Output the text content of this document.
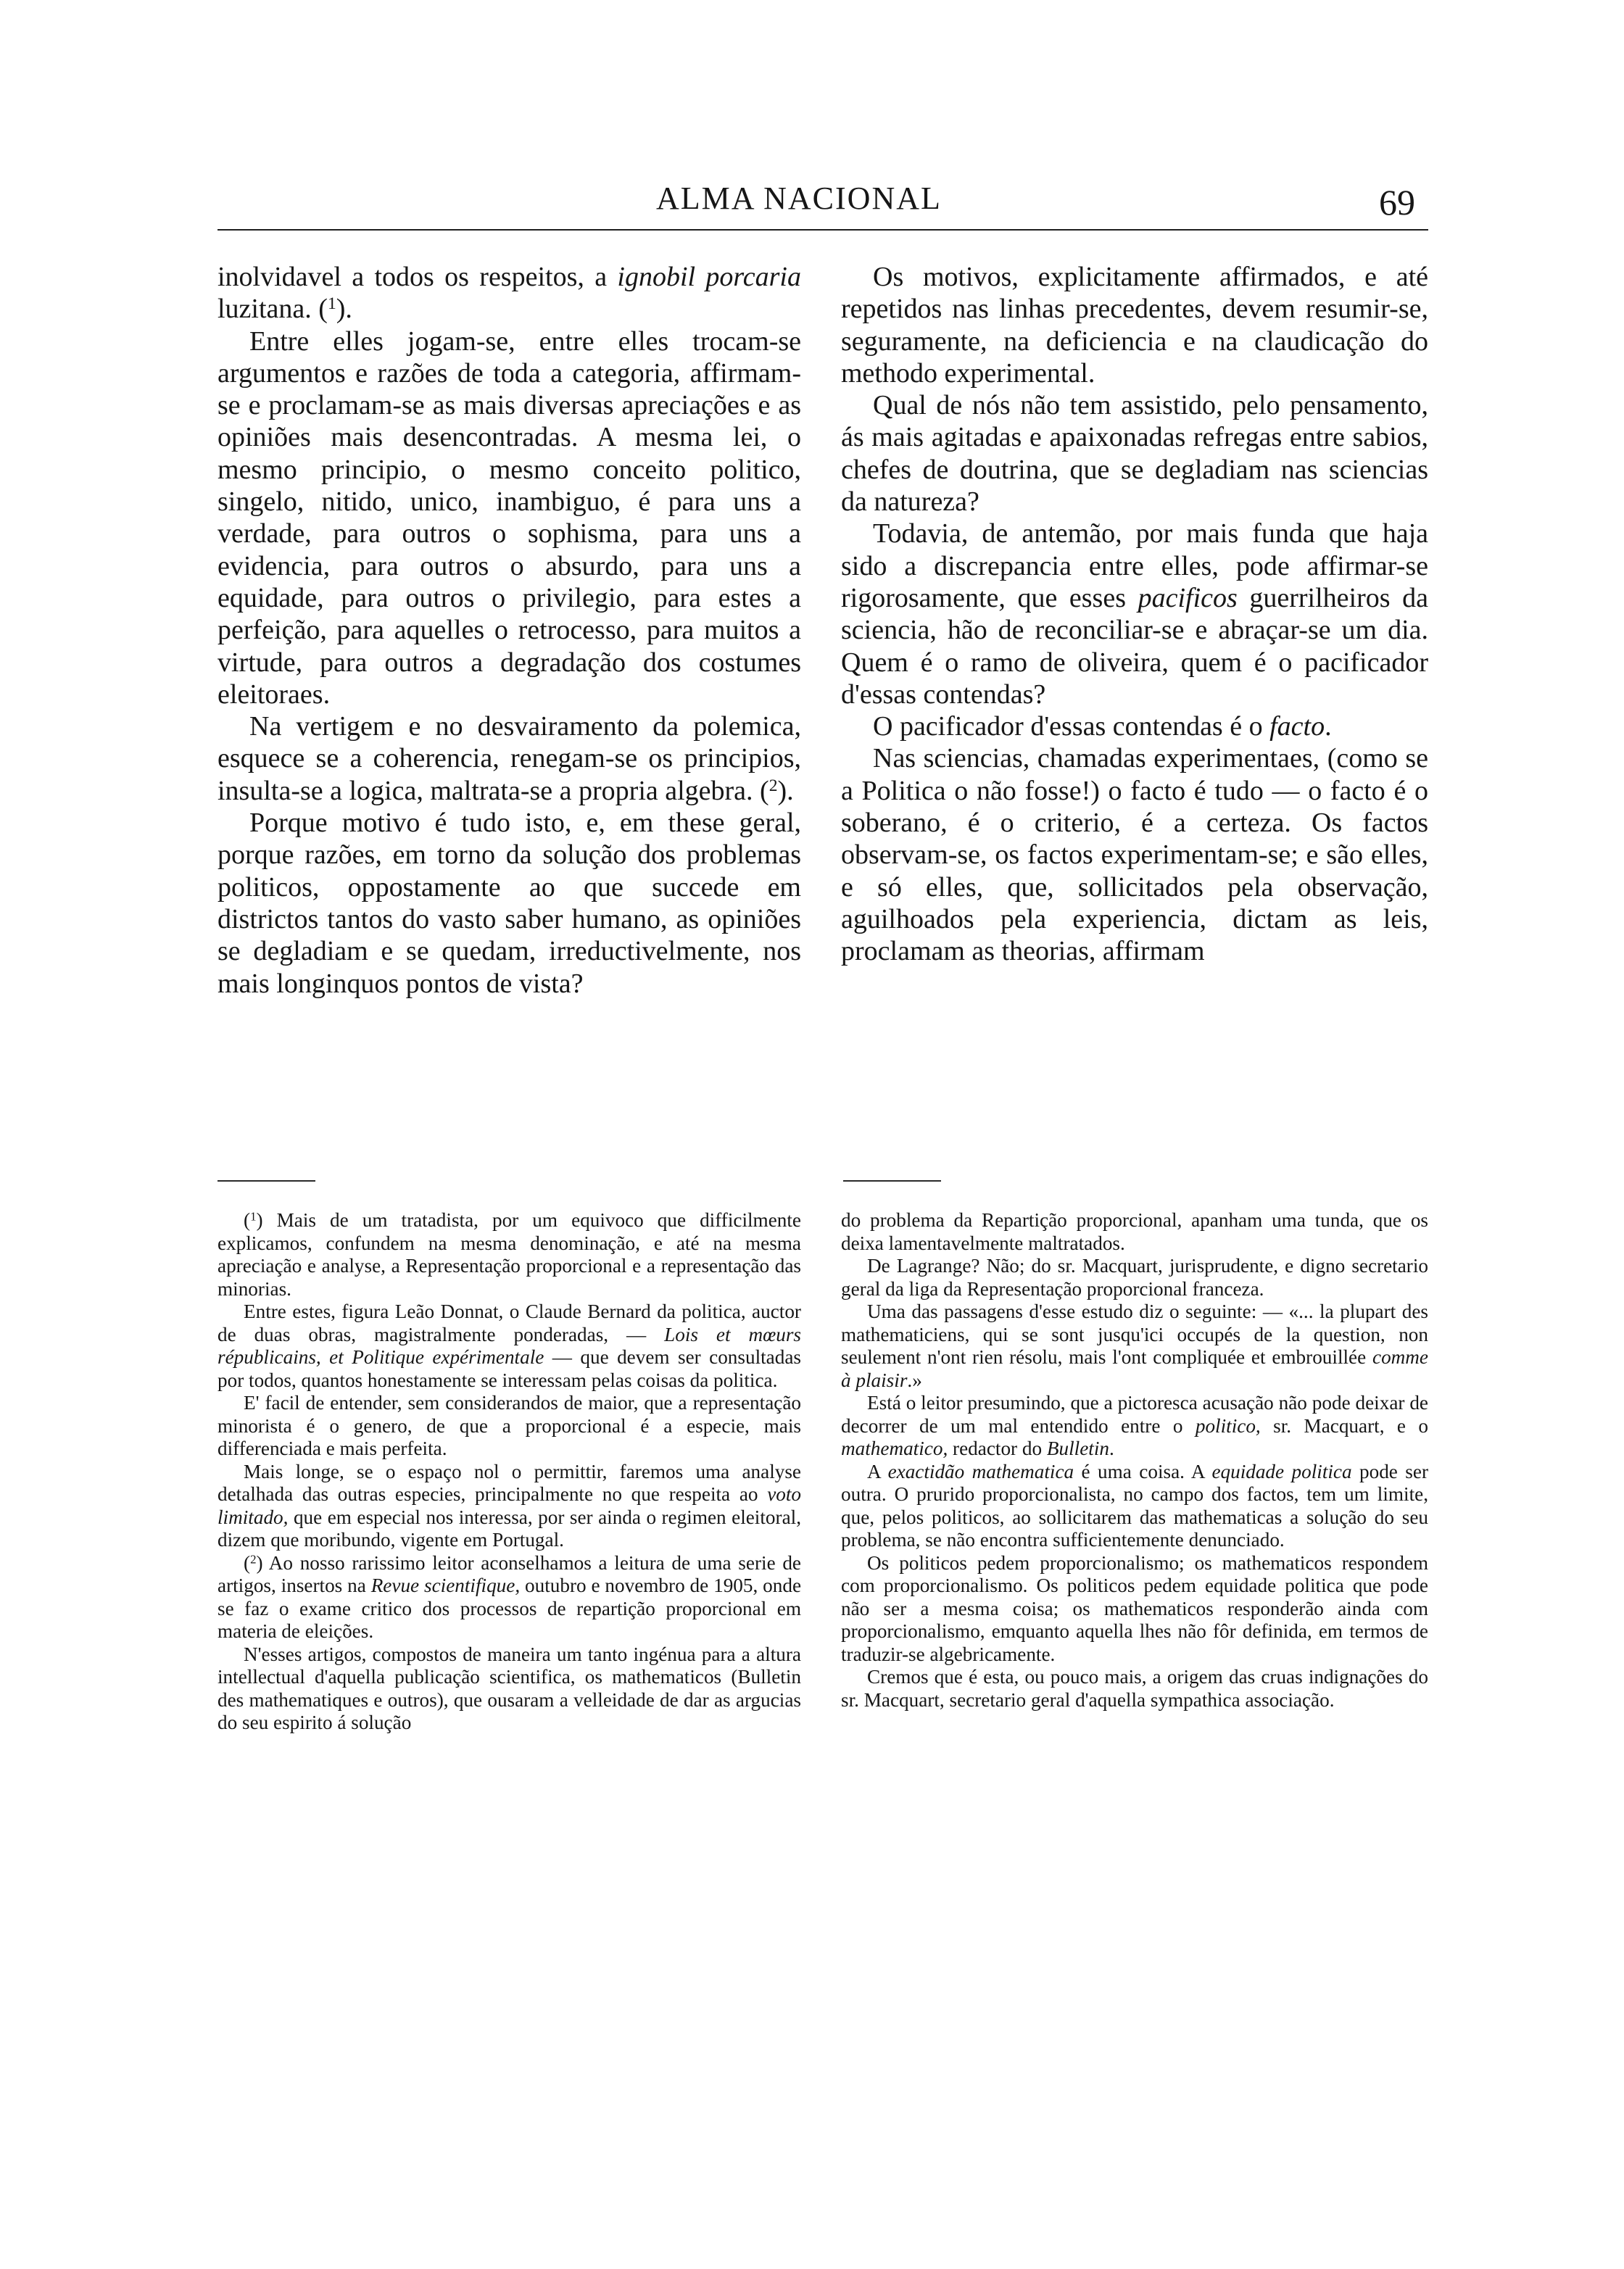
ALMA NACIONAL	69

inolvidavel a todos os respeitos, a ignobil porcaria luzitana. ($^1$).

Entre elles jogam-se, entre elles trocam-se argumentos e razões de toda a categoria, affirmam-se e proclamam-se as mais diversas apreciações e as opiniões mais desencontradas. A mesma lei, o mesmo principio, o mesmo conceito politico, singelo, nitido, unico, inambiguo, é para uns a verdade, para outros o sophisma, para uns a evidencia, para outros o absurdo, para uns a equidade, para outros o privilegio, para estes a perfeição, para aquelles o retrocesso, para muitos a virtude, para outros a degradação dos costumes eleitoraes.

Na vertigem e no desvairamento da polemica, esquece se a coherencia, renegam-se os principios, insulta-se a logica, maltrata-se a propria algebra. ($^2$).

Porque motivo é tudo isto, e, em these geral, porque razões, em torno da solução dos problemas politicos, oppostamente ao que succede em districtos tantos do vasto saber humano, as opiniões se degladiam e se quedam, irreductivelmente, nos mais longinquos pontos de vista?

Os motivos, explicitamente affirmados, e até repetidos nas linhas precedentes, devem resumir-se, seguramente, na deficiencia e na claudicação do methodo experimental.

Qual de nós não tem assistido, pelo pensamento, ás mais agitadas e apaixonadas refregas entre sabios, chefes de doutrina, que se degladiam nas sciencias da natureza?

Todavia, de antemão, por mais funda que haja sido a discrepancia entre elles, pode affirmar-se rigorosamente, que esses pacificos guerrilheiros da sciencia, hão de reconciliar-se e abraçar-se um dia. Quem é o ramo de oliveira, quem é o pacificador d'essas contendas?

O pacificador d'essas contendas é o facto.

Nas sciencias, chamadas experimentaes, (como se a Politica o não fosse!) o facto é tudo — o facto é o soberano, é o criterio, é a certeza. Os factos observam-se, os factos experimentam-se; e são elles, e só elles, que, sollicitados pela observação, aguilhoados pela experiencia, dictam as leis, proclamam as theorias, affirmam

($^1$) Mais de um tratadista, por um equivoco que difficilmente explicamos, confundem na mesma denominação, e até na mesma apreciação e analyse, a Representação proporcional e a representação das minorias.

Entre estes, figura Leão Donnat, o Claude Bernard da politica, auctor de duas obras, magistralmente ponderadas, — Lois et mœurs républicains, et Politique expérimentale — que devem ser consultadas por todos, quantos honestamente se interessam pelas coisas da politica.

E' facil de entender, sem considerandos de maior, que a representação minorista é o genero, de que a proporcional é a especie, mais differenciada e mais perfeita.

Mais longe, se o espaço nol o permittir, faremos uma analyse detalhada das outras especies, principalmente no que respeita ao voto limitado, que em especial nos interessa, por ser ainda o regimen eleitoral, dizem que moribundo, vigente em Portugal.

($^2$) Ao nosso rarissimo leitor aconselhamos a leitura de uma serie de artigos, insertos na Revue scientifique, outubro e novembro de 1905, onde se faz o exame critico dos processos de repartição proporcional em materia de eleições.

N'esses artigos, compostos de maneira um tanto ingénua para a altura intellectual d'aquella publicação scientifica, os mathematicos (Bulletin des mathematiques e outros), que ousaram a velleidade de dar as argucias do seu espirito á solução

do problema da Repartição proporcional, apanham uma tunda, que os deixa lamentavelmente maltratados.

De Lagrange? Não; do sr. Macquart, jurisprudente, e digno secretario geral da liga da Representação proporcional franceza.

Uma das passagens d'esse estudo diz o seguinte: — «... la plupart des mathematiciens, qui se sont jusqu'ici occupés de la question, non seulement n'ont rien résolu, mais l'ont compliquée et embrouillée comme à plaisir.»

Está o leitor presumindo, que a pictoresca acusação não pode deixar de decorrer de um mal entendido entre o politico, sr. Macquart, e o mathematico, redactor do Bulletin.

A exactidão mathematica é uma coisa. A equidade politica pode ser outra. O prurido proporcionalista, no campo dos factos, tem um limite, que, pelos politicos, ao sollicitarem das mathematicas a solução do seu problema, se não encontra sufficientemente denunciado.

Os politicos pedem proporcionalismo; os mathematicos respondem com proporcionalismo. Os politicos pedem equidade politica que pode não ser a mesma coisa; os mathematicos responderão ainda com proporcionalismo, emquanto aquella lhes não fôr definida, em termos de traduzir-se algebricamente.

Cremos que é esta, ou pouco mais, a origem das cruas indignações do sr. Macquart, secretario geral d'aquella sympathica associação.
